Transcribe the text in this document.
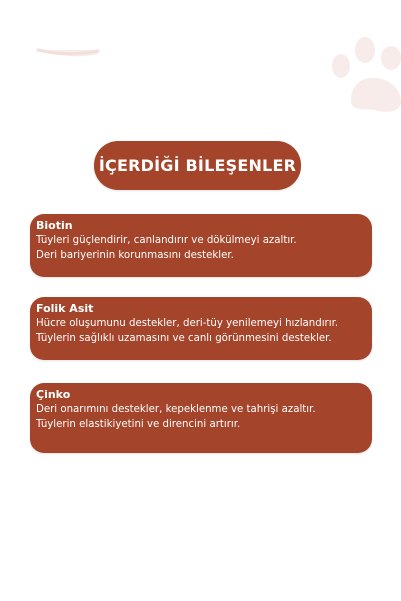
İÇERDİĞİ BİLEŞENLER
Biotin
Tüyleri güçlendirir, canlandırır ve dökülmeyi azaltır.
Deri bariyerinin korunmasını destekler.
Folik Asit
Hücre oluşumunu destekler, deri-tüy yenilemeyi hızlandırır.
Tüylerin sağlıklı uzamasını ve canlı görünmesini destekler.
Çinko
Deri onarımını destekler, kepeklenme ve tahrişi azaltır.
Tüylerin elastikiyetini ve direncini artırır.
